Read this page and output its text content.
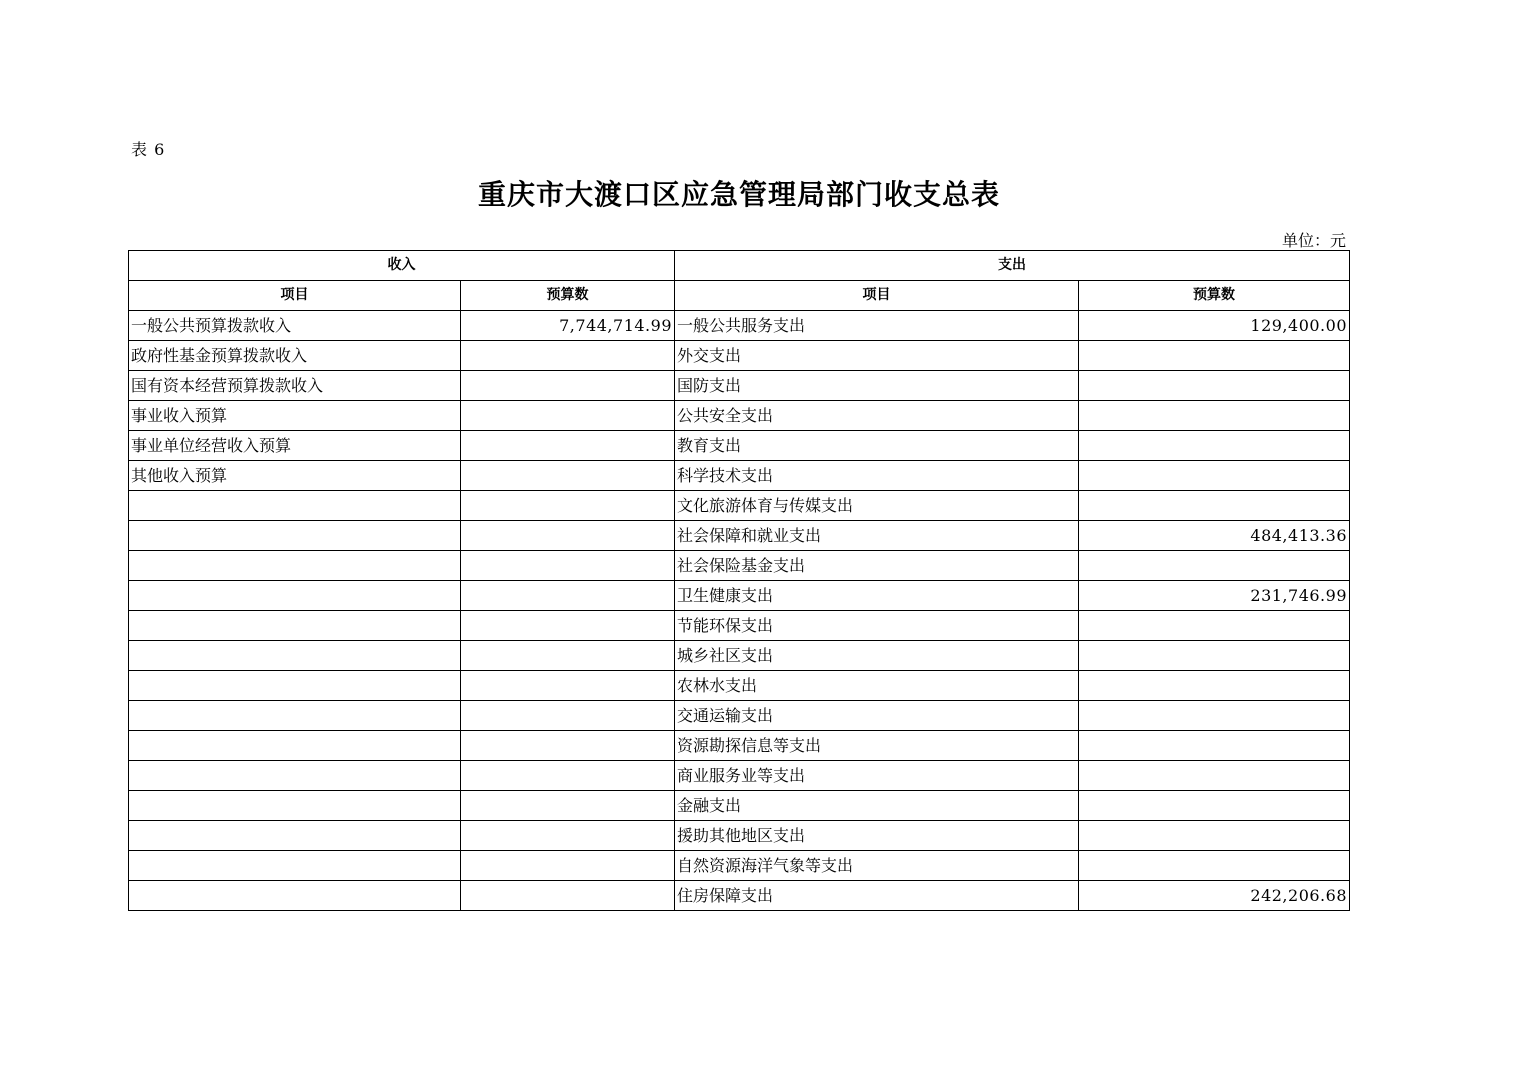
表 6
重庆市大渡口区应急管理局部门收支总表
单位：元
收入		支出	
项目	预算数	项目	预算数
一般公共预算拨款收入	7,744,714.99	一般公共服务支出	129,400.00
政府性基金预算拨款收入		外交支出	
国有资本经营预算拨款收入		国防支出	
事业收入预算		公共安全支出	
事业单位经营收入预算		教育支出	
其他收入预算		科学技术支出	
		文化旅游体育与传媒支出	
		社会保障和就业支出	484,413.36
		社会保险基金支出	
		卫生健康支出	231,746.99
		节能环保支出	
		城乡社区支出	
		农林水支出	
		交通运输支出	
		资源勘探信息等支出	
		商业服务业等支出	
		金融支出	
		援助其他地区支出	
		自然资源海洋气象等支出	
		住房保障支出	242,206.68
